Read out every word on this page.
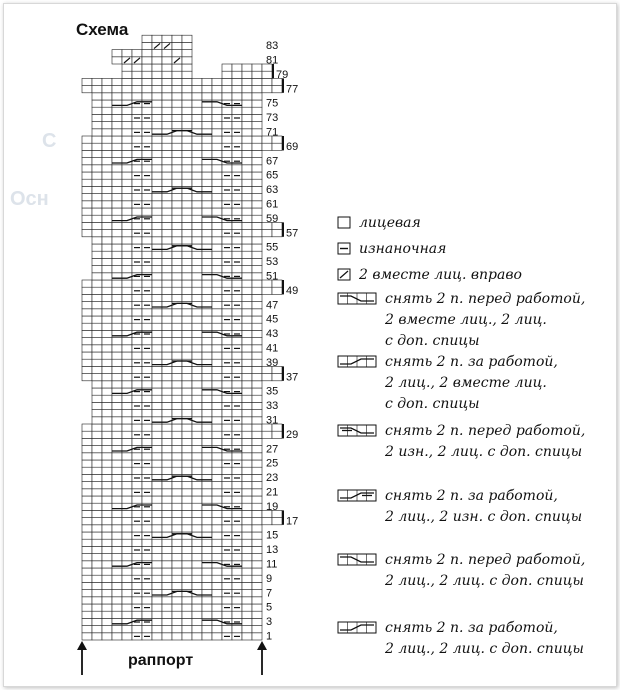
С
Осн
Схема
1
3
5
7
9
11
13
15
17
19
21
23
25
27
29
31
33
35
37
39
41
43
45
47
49
51
53
55
57
59
61
63
65
67
69
71
73
75
77
79
81
83
раппорт
лицевая
изнаночная
2 вместе лиц. вправо
снять 2 п. перед работой,
2 вместе лиц., 2 лиц.
с доп. спицы
снять 2 п. за работой,
2 лиц., 2 вместе лиц.
с доп. спицы
снять 2 п. перед работой,
2 изн., 2 лиц. с доп. спицы
снять 2 п. за работой,
2 лиц., 2 изн. с доп. спицы
снять 2 п. перед работой,
2 лиц., 2 лиц. с доп. спицы
снять 2 п. за работой,
2 лиц., 2 лиц. с доп. спицы
